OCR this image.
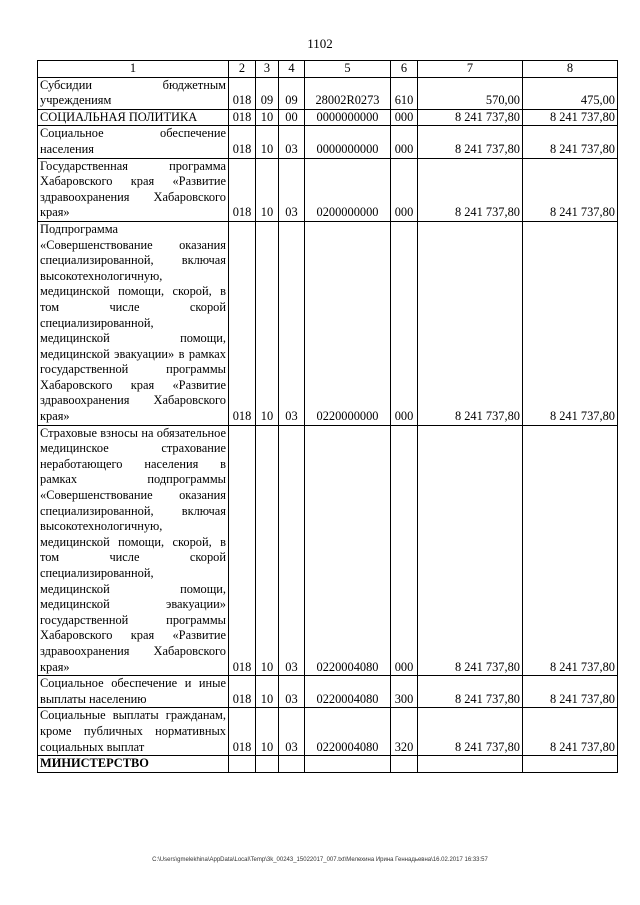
1102
1	2	3	4	5	6	7	8
Субсидии бюджетным учреждениям	018	09	09	28002R0273	610	570,00	475,00
СОЦИАЛЬНАЯ ПОЛИТИКА	018	10	00	0000000000	000	8 241 737,80	8 241 737,80
Социальное обеспечение населения	018	10	03	0000000000	000	8 241 737,80	8 241 737,80
Государственная программа Хабаровского края «Развитие здравоохранения Хабаровского края»	018	10	03	0200000000	000	8 241 737,80	8 241 737,80
Подпрограмма «Совершенствование оказания специализированной, включая высокотехнологичную, медицинской помощи, скорой, в том числе скорой специализированной, медицинской помощи, медицинской эвакуации» в рамках государственной программы Хабаровского края «Развитие здравоохранения Хабаровского края»	018	10	03	0220000000	000	8 241 737,80	8 241 737,80
Страховые взносы на обязательное медицинское страхование неработающего населения в рамках подпрограммы «Совершенствование оказания специализированной, включая высокотехнологичную, медицинской помощи, скорой, в том числе скорой специализированной, медицинской помощи, медицинской эвакуации» государственной программы Хабаровского края «Развитие здравоохранения Хабаровского края»	018	10	03	0220004080	000	8 241 737,80	8 241 737,80
Социальное обеспечение и иные выплаты населению	018	10	03	0220004080	300	8 241 737,80	8 241 737,80
Социальные выплаты гражданам, кроме публичных нормативных социальных выплат	018	10	03	0220004080	320	8 241 737,80	8 241 737,80
МИНИСТЕРСТВО							
C:\Users\gmelekhina\AppData\Local\Temp\3k_00243_15022017_007.txt\Мелехина Ирина Геннадьевна\16.02.2017 16:33:57
